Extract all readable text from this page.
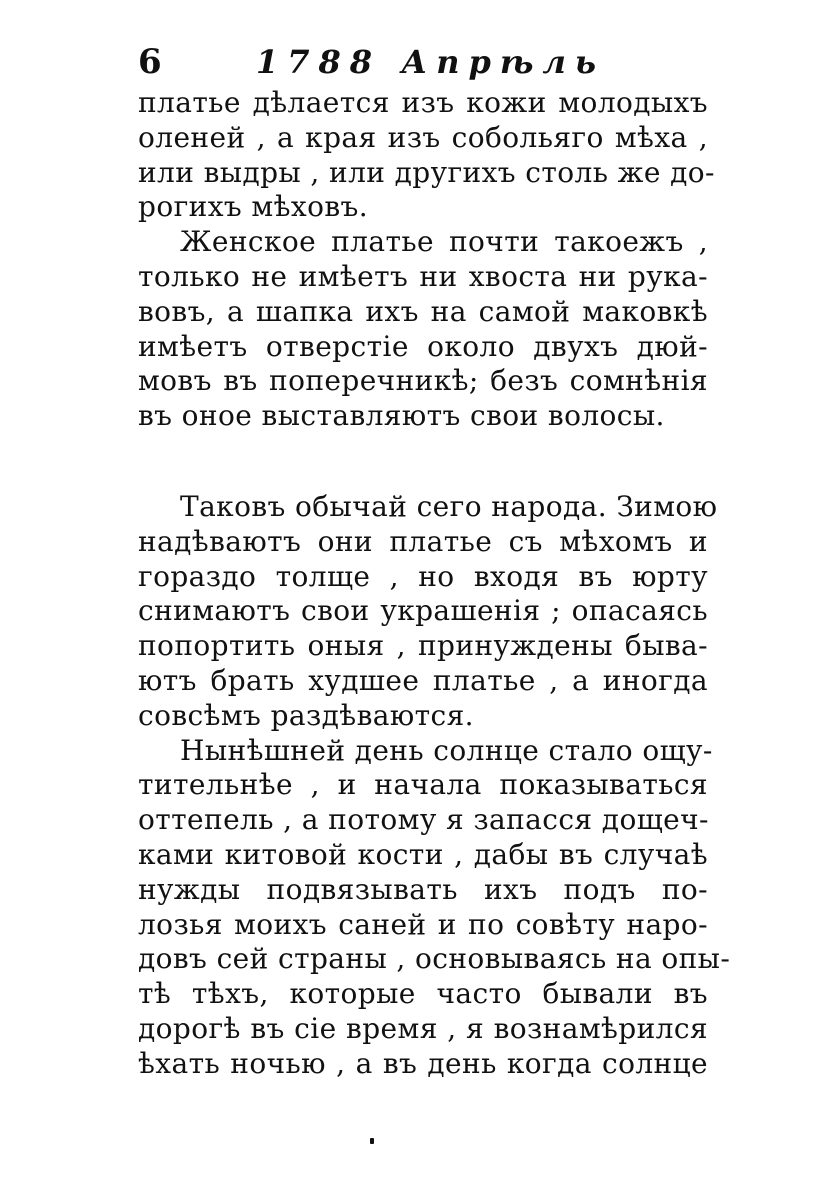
6	1788 Апрѣль

платье дѣлается изъ кожи молодыхъ
оленей , а края изъ собольяго мѣха ,
или выдры , или другихъ столь же до-
рогихъ мѣховъ.

Женское платье почти такоежъ ,
только не имѣетъ ни хвоста ни рука-
вовъ, а шапка ихъ на самой маковкѣ
имѣетъ отверстіе около двухъ дюй-
мовъ въ поперечникѣ; безъ сомнѣнія
въ оное выставляютъ свои волосы.

Таковъ обычай сего народа. Зимою
надѣваютъ они платье съ мѣхомъ и
гораздо толще , но входя въ юрту
снимаютъ свои украшенія ; опасаясь
попортить оныя , принуждены быва-
ютъ брать худшее платье , а иногда
совсѣмъ раздѣваются.

Нынѣшней день солнце стало ощу-
тительнѣе , и начала показываться
оттепель , а потому я запасся дощеч-
ками китовой кости , дабы въ случаѣ
нужды подвязывать ихъ подъ по-
лозья моихъ саней и по совѣту наро-
довъ сей страны , основываясь на опы-
тѣ тѣхъ, которые часто бывали въ
дорогѣ въ сіе время , я вознамѣрился
ѣхать ночью , а въ день когда солнце
